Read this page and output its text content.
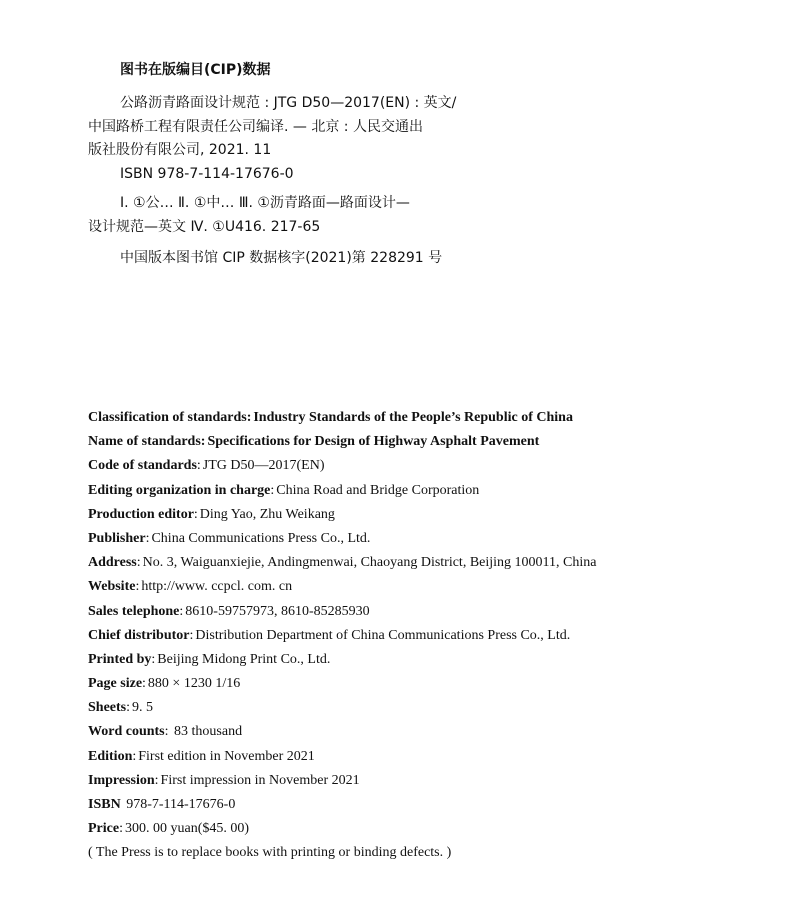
图书在版编目(CIP)数据
公路沥青路面设计规范 : JTG D50—2017(EN) : 英文/
中国路桥工程有限责任公司编译. — 北京 : 人民交通出
版社股份有限公司, 2021. 11
ISBN 978-7-114-17676-0
Ⅰ. ①公… Ⅱ. ①中… Ⅲ. ①沥青路面—路面设计—
设计规范—英文 Ⅳ. ①U416. 217-65
中国版本图书馆 CIP 数据核字(2021)第 228291 号
Classification of standards: Industry Standards of the People’s Republic of China
Name of standards: Specifications for Design of Highway Asphalt Pavement
Code of standards: JTG D50—2017(EN)
Editing organization in charge: China Road and Bridge Corporation
Production editor: Ding Yao, Zhu Weikang
Publisher: China Communications Press Co., Ltd.
Address: No. 3, Waiguanxiejie, Andingmenwai, Chaoyang District, Beijing 100011, China
Website: http://www. ccpcl. com. cn
Sales telephone: 8610-59757973, 8610-85285930
Chief distributor: Distribution Department of China Communications Press Co., Ltd.
Printed by: Beijing Midong Print Co., Ltd.
Page size: 880 × 1230 1/16
Sheets: 9. 5
Word counts: 83 thousand
Edition: First edition in November 2021
Impression: First impression in November 2021
ISBN 978-7-114-17676-0
Price: 300. 00 yuan($45. 00)
( The Press is to replace books with printing or binding defects. )
